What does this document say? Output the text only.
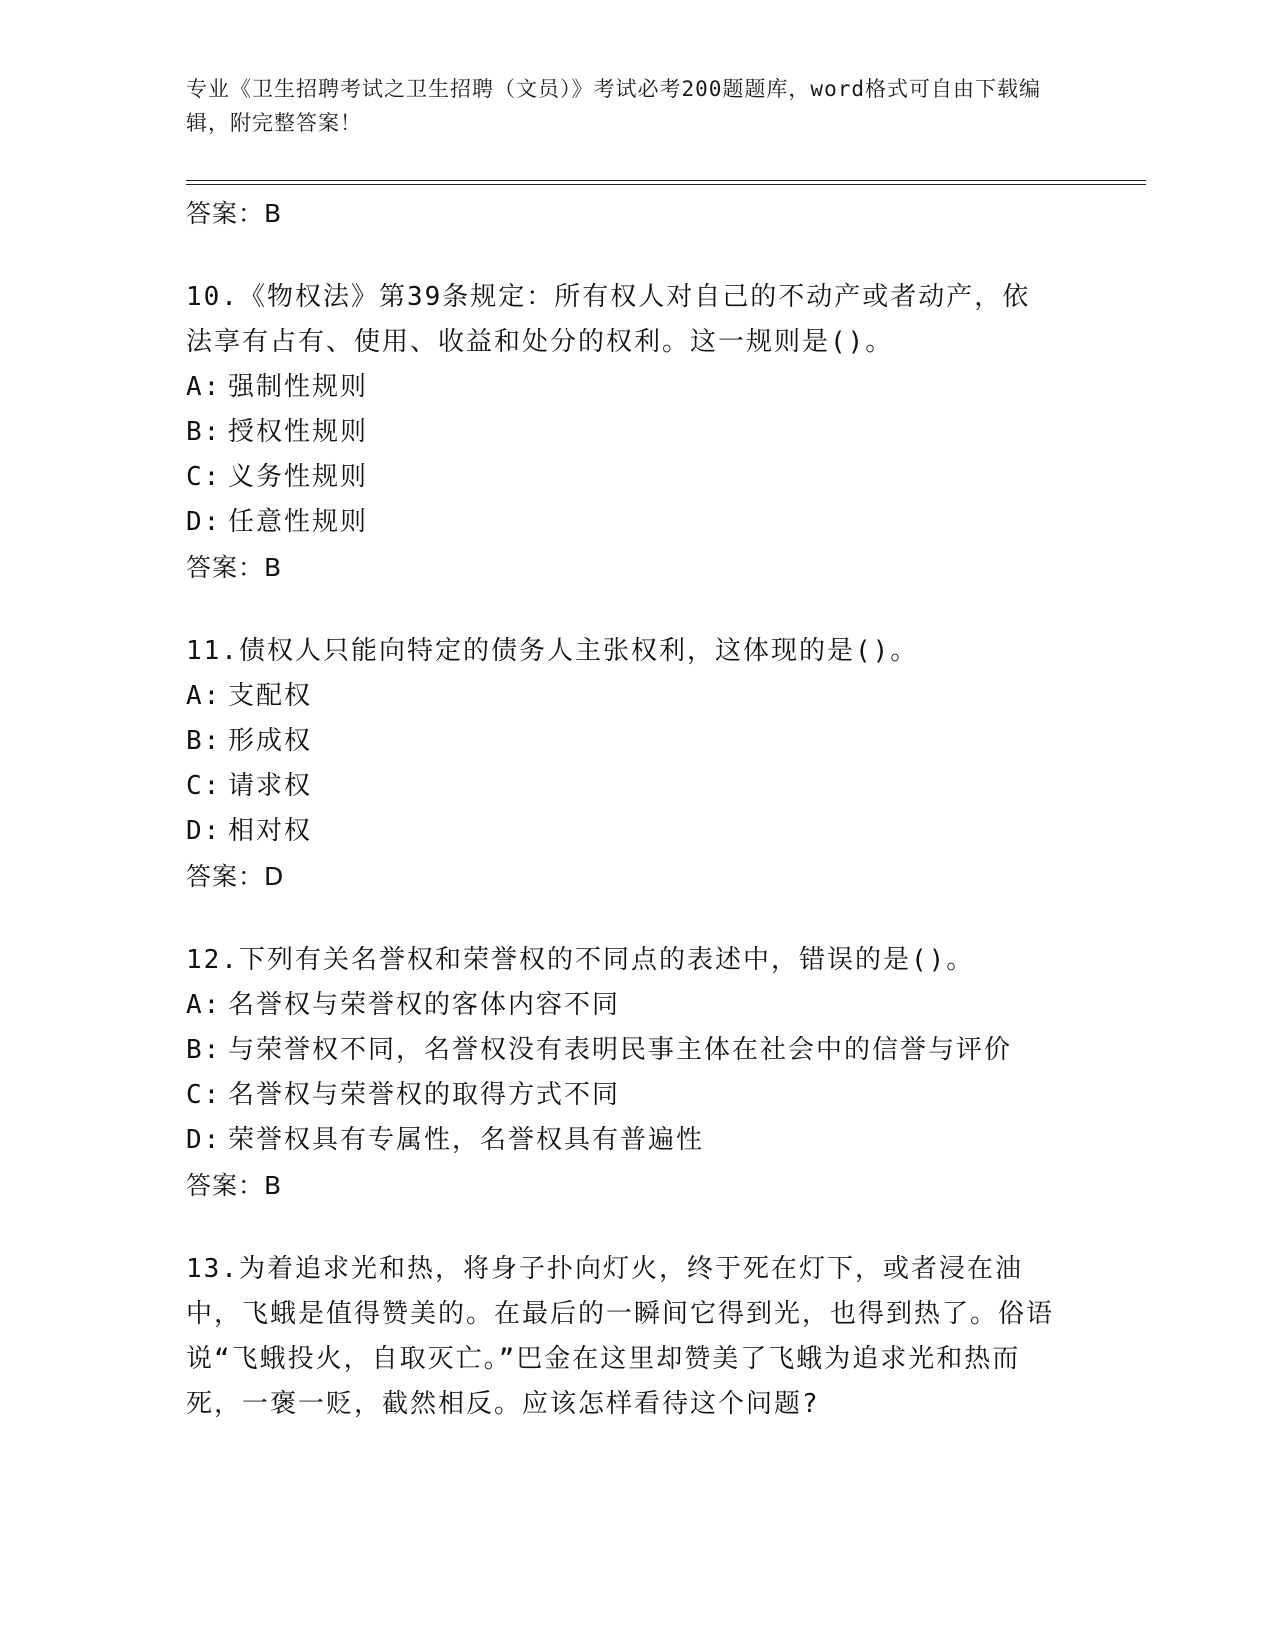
专业《卫生招聘考试之卫生招聘（文员）》考试必考200题题库，word格式可自由下载编辑，附完整答案！
答案：B
10.《物权法》第39条规定：所有权人对自己的不动产或者动产，依法享有占有、使用、收益和处分的权利。这一规则是()。
A: 强制性规则
B: 授权性规则
C: 义务性规则
D: 任意性规则
答案：B
11.债权人只能向特定的债务人主张权利，这体现的是()。
A: 支配权
B: 形成权
C: 请求权
D: 相对权
答案：D
12.下列有关名誉权和荣誉权的不同点的表述中，错误的是()。
A: 名誉权与荣誉权的客体内容不同
B: 与荣誉权不同，名誉权没有表明民事主体在社会中的信誉与评价
C: 名誉权与荣誉权的取得方式不同
D: 荣誉权具有专属性，名誉权具有普遍性
答案：B
13.为着追求光和热，将身子扑向灯火，终于死在灯下，或者浸在油中，飞蛾是值得赞美的。在最后的一瞬间它得到光，也得到热了。俗语说“飞蛾投火，自取灭亡。”巴金在这里却赞美了飞蛾为追求光和热而死，一褒一贬，截然相反。应该怎样看待这个问题?
